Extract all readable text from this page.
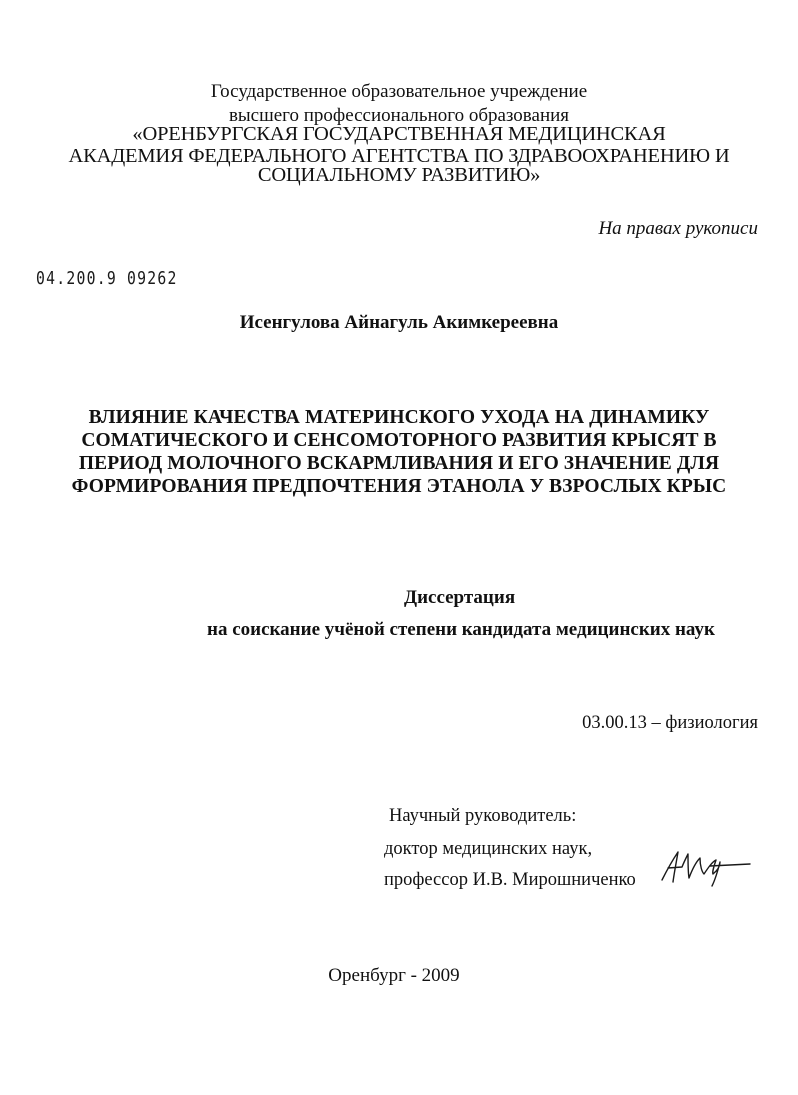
Государственное образовательное учреждение
высшего профессионального образования
«ОРЕНБУРГСКАЯ ГОСУДАРСТВЕННАЯ МЕДИЦИНСКАЯ
АКАДЕМИЯ ФЕДЕРАЛЬНОГО АГЕНТСТВА ПО ЗДРАВООХРАНЕНИЮ И
СОЦИАЛЬНОМУ РАЗВИТИЮ»
На правах рукописи
04.200.9 09262
Исенгулова Айнагуль Акимкереевна
ВЛИЯНИЕ КАЧЕСТВА МАТЕРИНСКОГО УХОДА НА ДИНАМИКУ
СОМАТИЧЕСКОГО И СЕНСОМОТОРНОГО РАЗВИТИЯ КРЫСЯТ В
ПЕРИОД МОЛОЧНОГО ВСКАРМЛИВАНИЯ И ЕГО ЗНАЧЕНИЕ ДЛЯ
ФОРМИРОВАНИЯ ПРЕДПОЧТЕНИЯ ЭТАНОЛА У ВЗРОСЛЫХ КРЫС
Диссертация
на соискание учёной степени кандидата медицинских наук
03.00.13 – физиология
Научный руководитель:
доктор медицинских наук,
профессор И.В. Мирошниченко
Оренбург - 2009
